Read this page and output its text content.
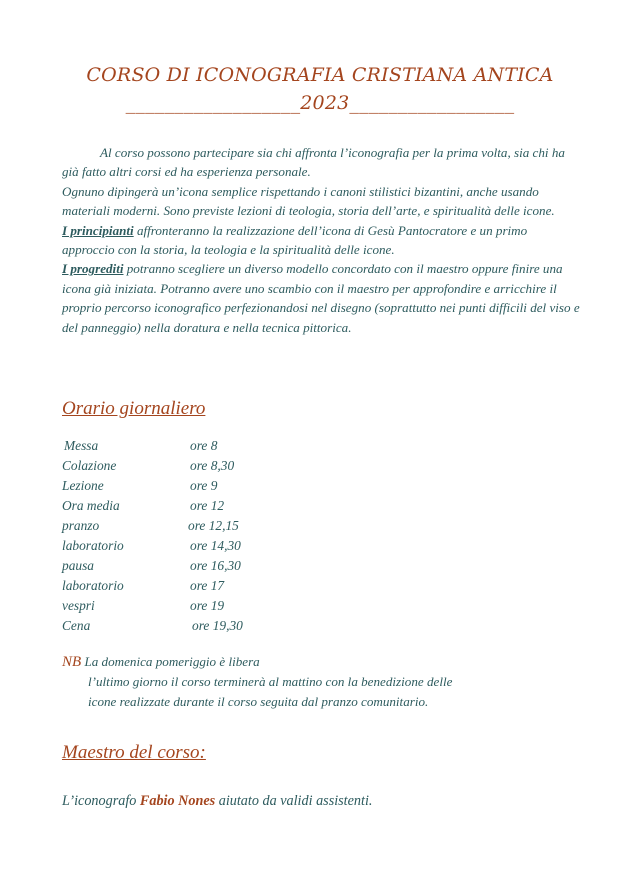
CORSO DI ICONOGRAFIA CRISTIANA ANTICA
__________________2023_________________

Al corso possono partecipare sia chi affronta l’iconografia per la prima volta, sia chi ha già fatto altri corsi ed ha esperienza personale.

Ognuno dipingerà un’icona semplice rispettando i canoni stilistici bizantini, anche usando materiali moderni. Sono previste lezioni di teologia, storia dell’arte, e spiritualità delle icone.

I principianti affronteranno la realizzazione dell’icona di Gesù Pantocratore e un primo approccio con la storia, la teologia e la spiritualità delle icone.

I progrediti potranno scegliere un diverso modello concordato con il maestro oppure finire una icona già iniziata. Potranno avere uno scambio con il maestro per approfondire e arricchire il proprio percorso iconografico perfezionandosi nel disegno (soprattutto nei punti difficili del viso e del panneggio) nella doratura e nella tecnica pittorica.

Orario giornaliero
Messa	ore 8
Colazione	ore 8,30
Lezione	ore 9
Ora media	ore 12
pranzo	ore 12,15
laboratorio	ore 14,30
pausa	ore 16,30
laboratorio	ore 17
vespri	ore 19
Cena	ore 19,30

NB La domenica pomeriggio è libera

l’ultimo giorno il corso terminerà al mattino con la benedizione delle

icone realizzate durante il corso seguita dal pranzo comunitario.

Maestro del corso:
L’iconografo Fabio Nones aiutato da validi assistenti.
